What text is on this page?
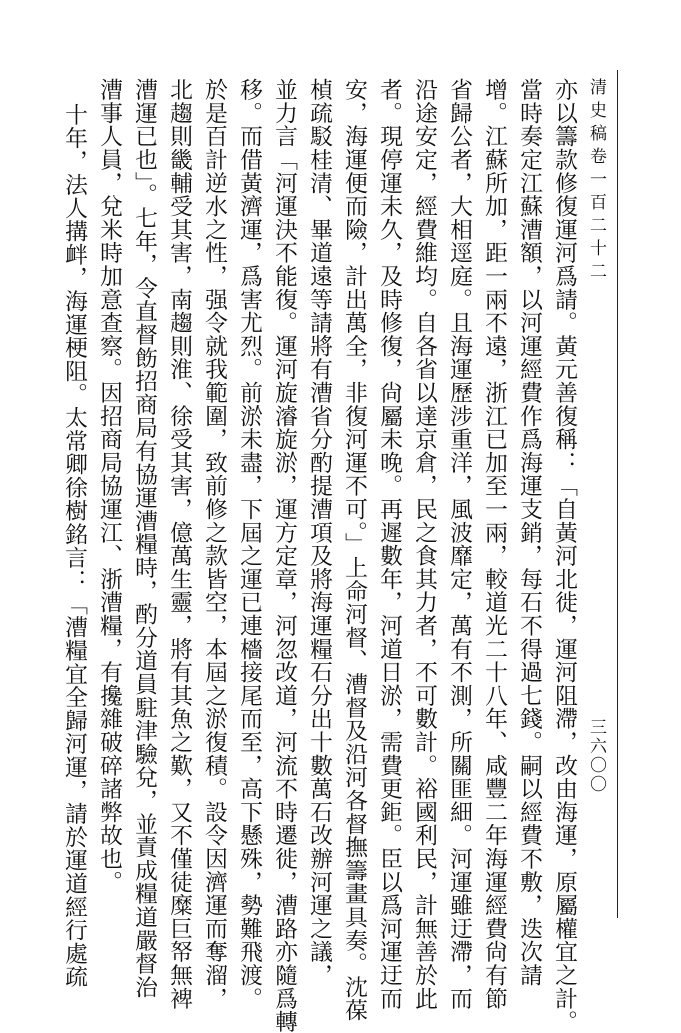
清史稿卷一百二十二
三六〇〇
亦以籌款修復運河爲請。黃元善復稱：「自黃河北徙，運河阻滯，改由海運，原屬權宜之計。
當時奏定江蘇漕額，以河運經費作爲海運支銷，每石不得過七錢。嗣以經費不敷，迭次請
增。江蘇所加，距一兩不遠，浙江已加至一兩，較道光二十八年、咸豐二年海運經費尙有節
省歸公者，大相逕庭。且海運歷涉重洋，風波靡定，萬有不測，所關匪細。河運雖迂滯，而
沿途安定，經費維均。自各省以達京倉，民之食其力者，不可數計。裕國利民，計無善於此
者。現停運未久，及時修復，尙屬未晚。再遲數年，河道日淤，需費更鉅。臣以爲河運迂而
安，海運便而險，計出萬全，非復河運不可。」上命河督、漕督及沿河各督撫籌畫具奏。沈葆
楨疏駁桂清、畢道遠等請將有漕省分酌提漕項及將海運糧石分出十數萬石改辦河運之議，
並力言「河運決不能復。運河旋濬旋淤，運方定章，河忽改道，河流不時遷徙，漕路亦隨爲轉
移。而借黃濟運，爲害尤烈。前淤未盡，下屆之運已連檣接尾而至，高下懸殊，勢難飛渡。
於是百計逆水之性，强令就我範圍，致前修之款皆空，本屆之淤復積。設令因濟運而奪溜，
北趨則畿輔受其害，南趨則淮、徐受其害，億萬生靈，將有其魚之歎，又不僅徒糜巨帑無裨
漕運已也」。七年，令直督飭招商局有協運漕糧時，酌分道員駐津驗兌，並責成糧道嚴督治
漕事人員，兌米時加意查察。因招商局協運江、浙漕糧，有攙雜破碎諸弊故也。
十年，法人搆衅，海運梗阻。太常卿徐樹銘言：「漕糧宜全歸河運，請於運道經行處疏
